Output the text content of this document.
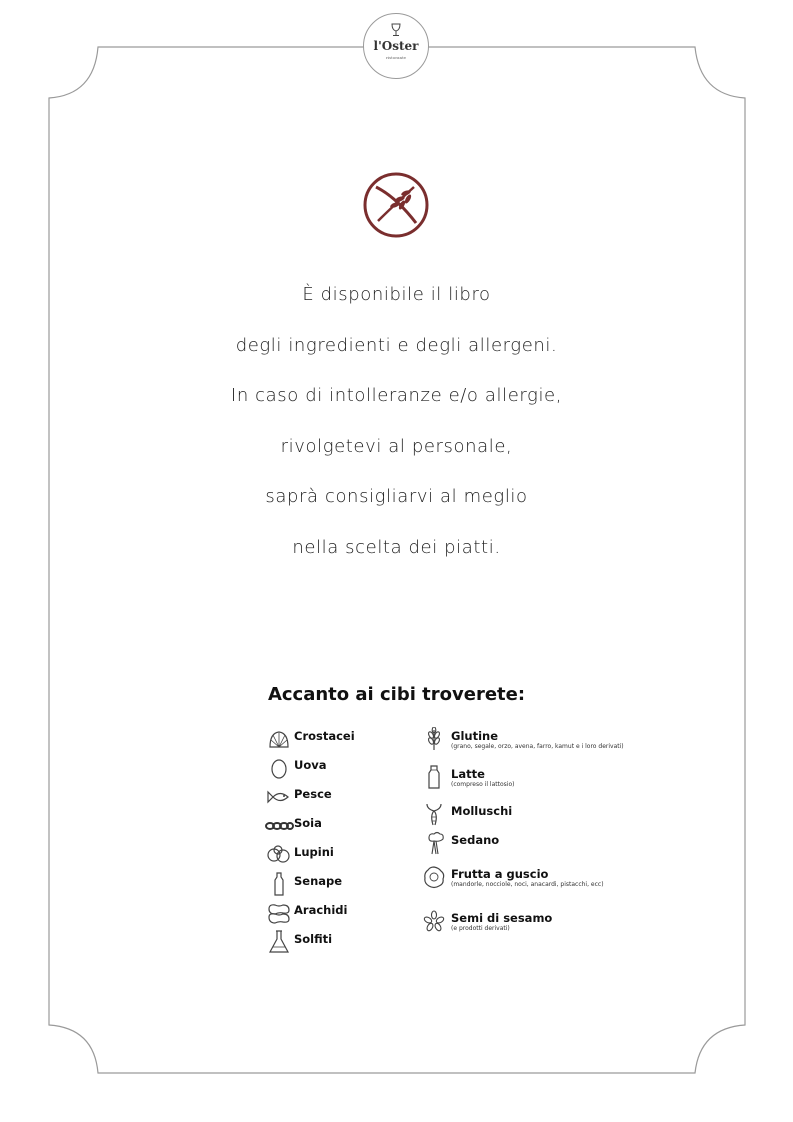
l'Oster
ristorante
È disponibile il libro
degli ingredienti e degli allergeni.
In caso di intolleranze e/o allergie,
rivolgetevi al personale,
saprà consigliarvi al meglio
nella scelta dei piatti.
Accanto ai cibi troverete:
Crostacei
Uova
Pesce
Soia
Lupini
Senape
Arachidi
Solfiti
Glutine
(grano, segale, orzo, avena, farro, kamut e i loro derivati)
Latte
(compreso il lattosio)
Molluschi
Sedano
Frutta a guscio
(mandorle, nocciole, noci, anacardi, pistacchi, ecc)
Semi di sesamo
(e prodotti derivati)
